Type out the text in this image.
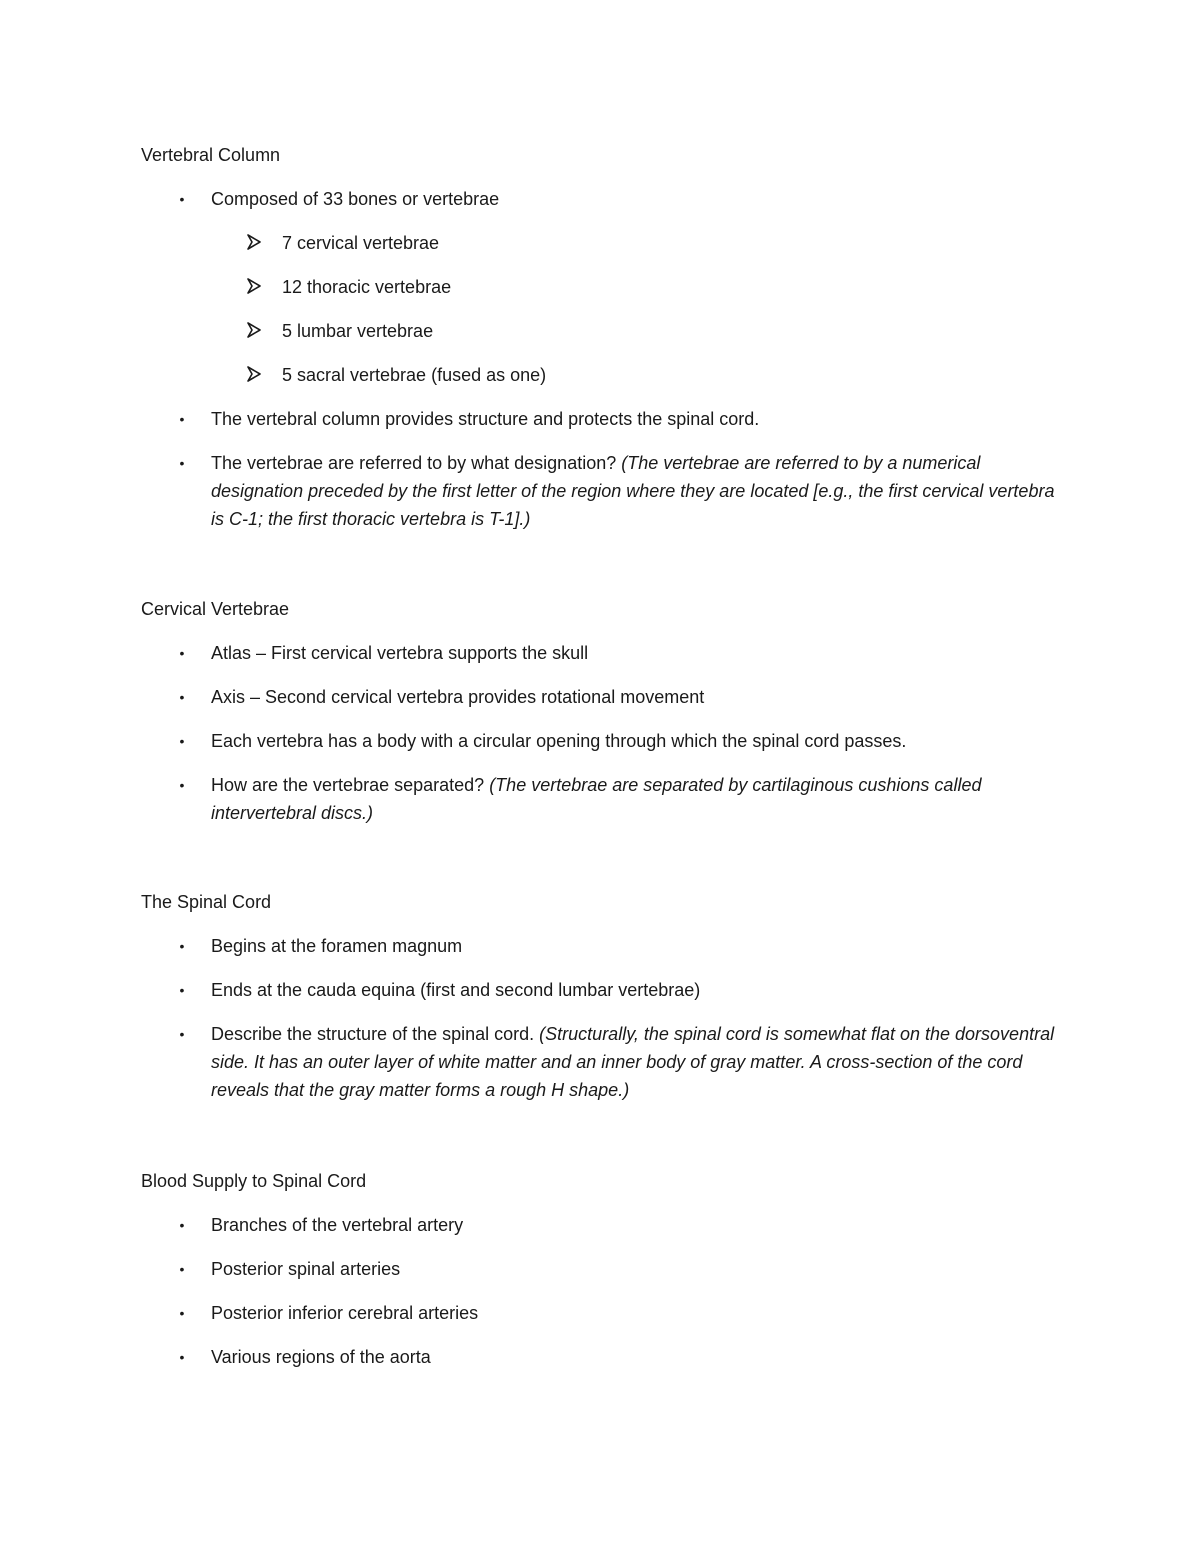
Vertebral Column
• Composed of 33 bones or vertebrae
7 cervical vertebrae
12 thoracic vertebrae
5 lumbar vertebrae
5 sacral vertebrae (fused as one)
• The vertebral column provides structure and protects the spinal cord.
• The vertebrae are referred to by what designation? (The vertebrae are referred to by a numerical designation preceded by the first letter of the region where they are located [e.g., the first cervical vertebra is C-1; the first thoracic vertebra is T-1].)
Cervical Vertebrae
• Atlas – First cervical vertebra supports the skull
• Axis – Second cervical vertebra provides rotational movement
• Each vertebra has a body with a circular opening through which the spinal cord passes.
• How are the vertebrae separated? (The vertebrae are separated by cartilaginous cushions called intervertebral discs.)
The Spinal Cord
• Begins at the foramen magnum
• Ends at the cauda equina (first and second lumbar vertebrae)
• Describe the structure of the spinal cord. (Structurally, the spinal cord is somewhat flat on the dorsoventral side. It has an outer layer of white matter and an inner body of gray matter. A cross-section of the cord reveals that the gray matter forms a rough H shape.)
Blood Supply to Spinal Cord
• Branches of the vertebral artery
• Posterior spinal arteries
• Posterior inferior cerebral arteries
• Various regions of the aorta
